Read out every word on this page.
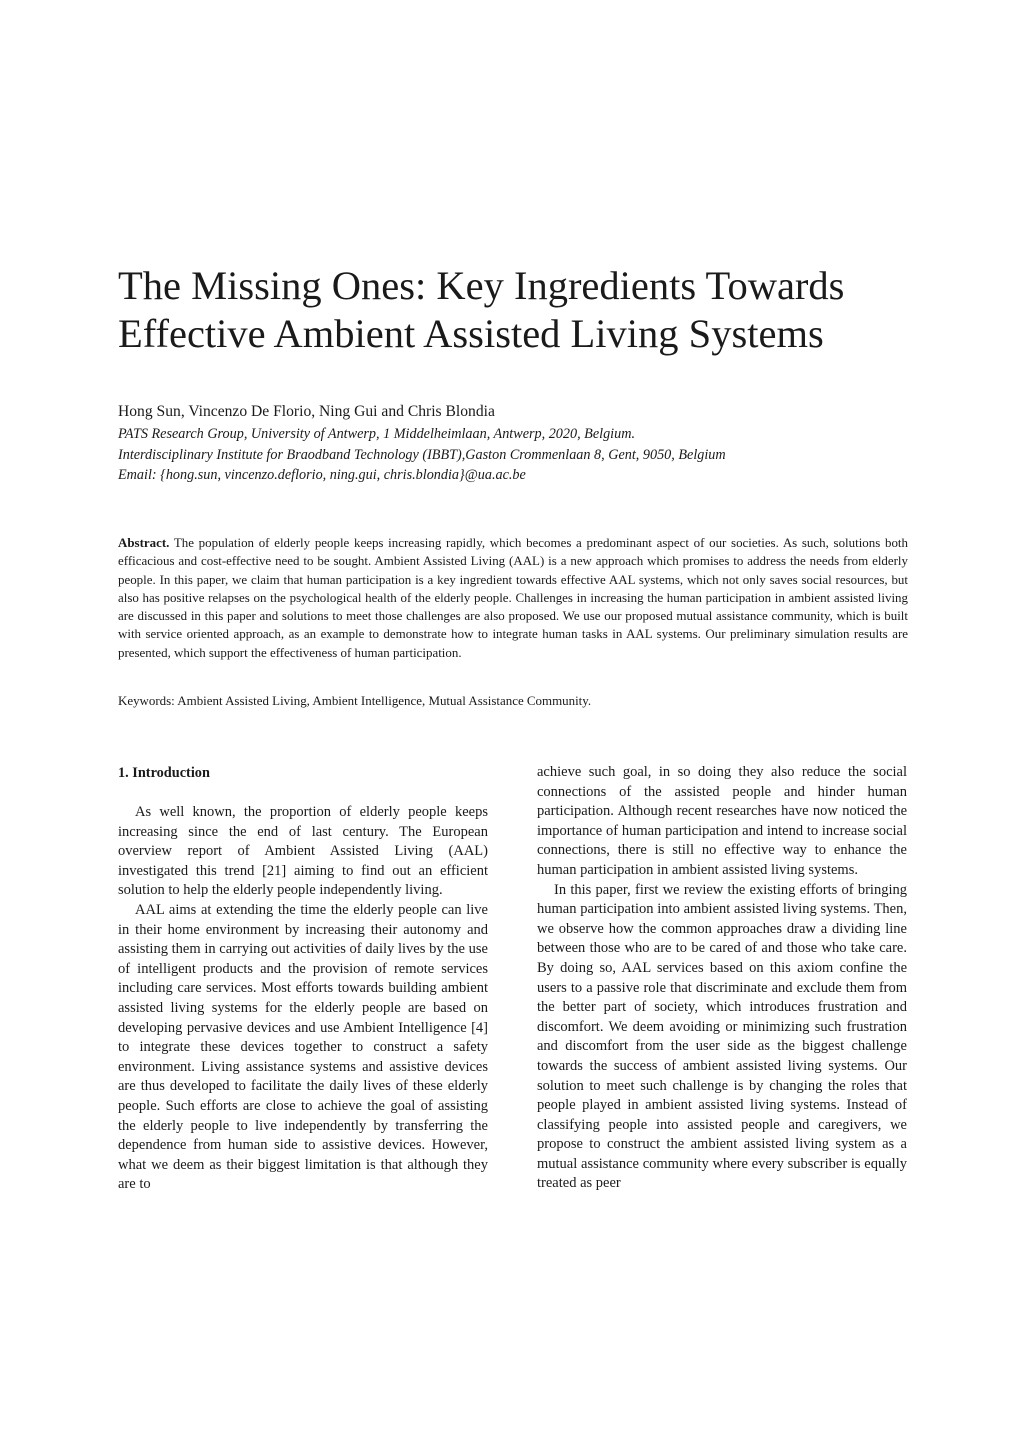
The Missing Ones: Key Ingredients Towards
Effective Ambient Assisted Living Systems
Hong Sun, Vincenzo De Florio, Ning Gui and Chris Blondia
PATS Research Group, University of Antwerp, 1 Middelheimlaan, Antwerp, 2020, Belgium.
Interdisciplinary Institute for Braodband Technology (IBBT),Gaston Crommenlaan 8, Gent, 9050, Belgium
Email: {hong.sun, vincenzo.deflorio, ning.gui, chris.blondia}@ua.ac.be

Abstract. The population of elderly people keeps increasing rapidly, which becomes a predominant aspect of our societies. As such, solutions both efficacious and cost-effective need to be sought. Ambient Assisted Living (AAL) is a new approach which promises to address the needs from elderly people. In this paper, we claim that human participation is a key ingredient towards effective AAL systems, which not only saves social resources, but also has positive relapses on the psychological health of the elderly people. Challenges in increasing the human participation in ambient assisted living are discussed in this paper and solutions to meet those challenges are also proposed. We use our proposed mutual assistance community, which is built with service oriented approach, as an example to demonstrate how to integrate human tasks in AAL systems. Our preliminary simulation results are presented, which support the effectiveness of human participation.

Keywords: Ambient Assisted Living, Ambient Intelligence, Mutual Assistance Community.
1. Introduction

As well known, the proportion of elderly people keeps increasing since the end of last century. The European overview report of Ambient Assisted Living (AAL) investigated this trend [21] aiming to find out an efficient solution to help the elderly people independently living.

AAL aims at extending the time the elderly people can live in their home environment by increasing their autonomy and assisting them in carrying out activities of daily lives by the use of intelligent products and the provision of remote services including care services. Most efforts towards building ambient assisted living systems for the elderly people are based on developing pervasive devices and use Ambient Intelligence [4] to integrate these devices together to construct a safety environment. Living assistance systems and assistive devices are thus developed to facilitate the daily lives of these elderly people. Such efforts are close to achieve the goal of assisting the elderly people to live independently by transferring the dependence from human side to assistive devices. However, what we deem as their biggest limitation is that although they are to

achieve such goal, in so doing they also reduce the social connections of the assisted people and hinder human participation. Although recent researches have now noticed the importance of human participation and intend to increase social connections, there is still no effective way to enhance the human participation in ambient assisted living systems.

In this paper, first we review the existing efforts of bringing human participation into ambient assisted living systems. Then, we observe how the common approaches draw a dividing line between those who are to be cared of and those who take care. By doing so, AAL services based on this axiom confine the users to a passive role that discriminate and exclude them from the better part of society, which introduces frustration and discomfort. We deem avoiding or minimizing such frustration and discomfort from the user side as the biggest challenge towards the success of ambient assisted living systems. Our solution to meet such challenge is by changing the roles that people played in ambient assisted living systems. Instead of classifying people into assisted people and caregivers, we propose to construct the ambient assisted living system as a mutual assistance community where every subscriber is equally treated as peer
